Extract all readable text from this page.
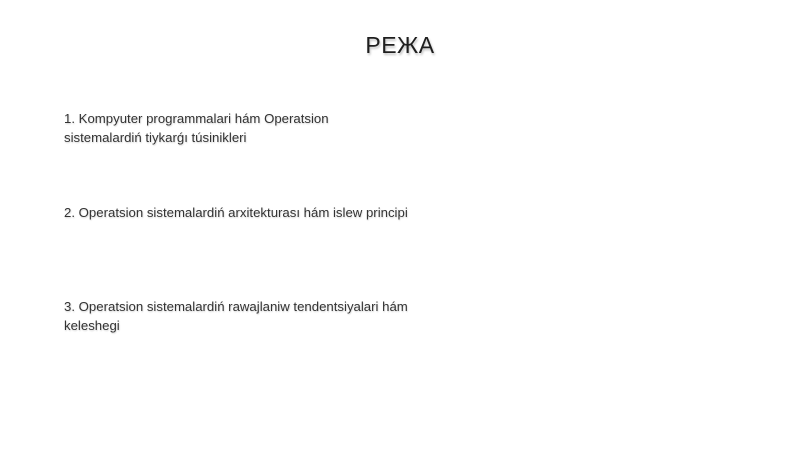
РЕЖА
1. Kompyuter programmalari hám Operatsion sistemalardiń tiykarǵı túsinikleri
2. Operatsion sistemalardiń arxitekturası hám islew principi
3. Operatsion sistemalardiń rawajlaniw tendentsiyalari hám keleshegi
